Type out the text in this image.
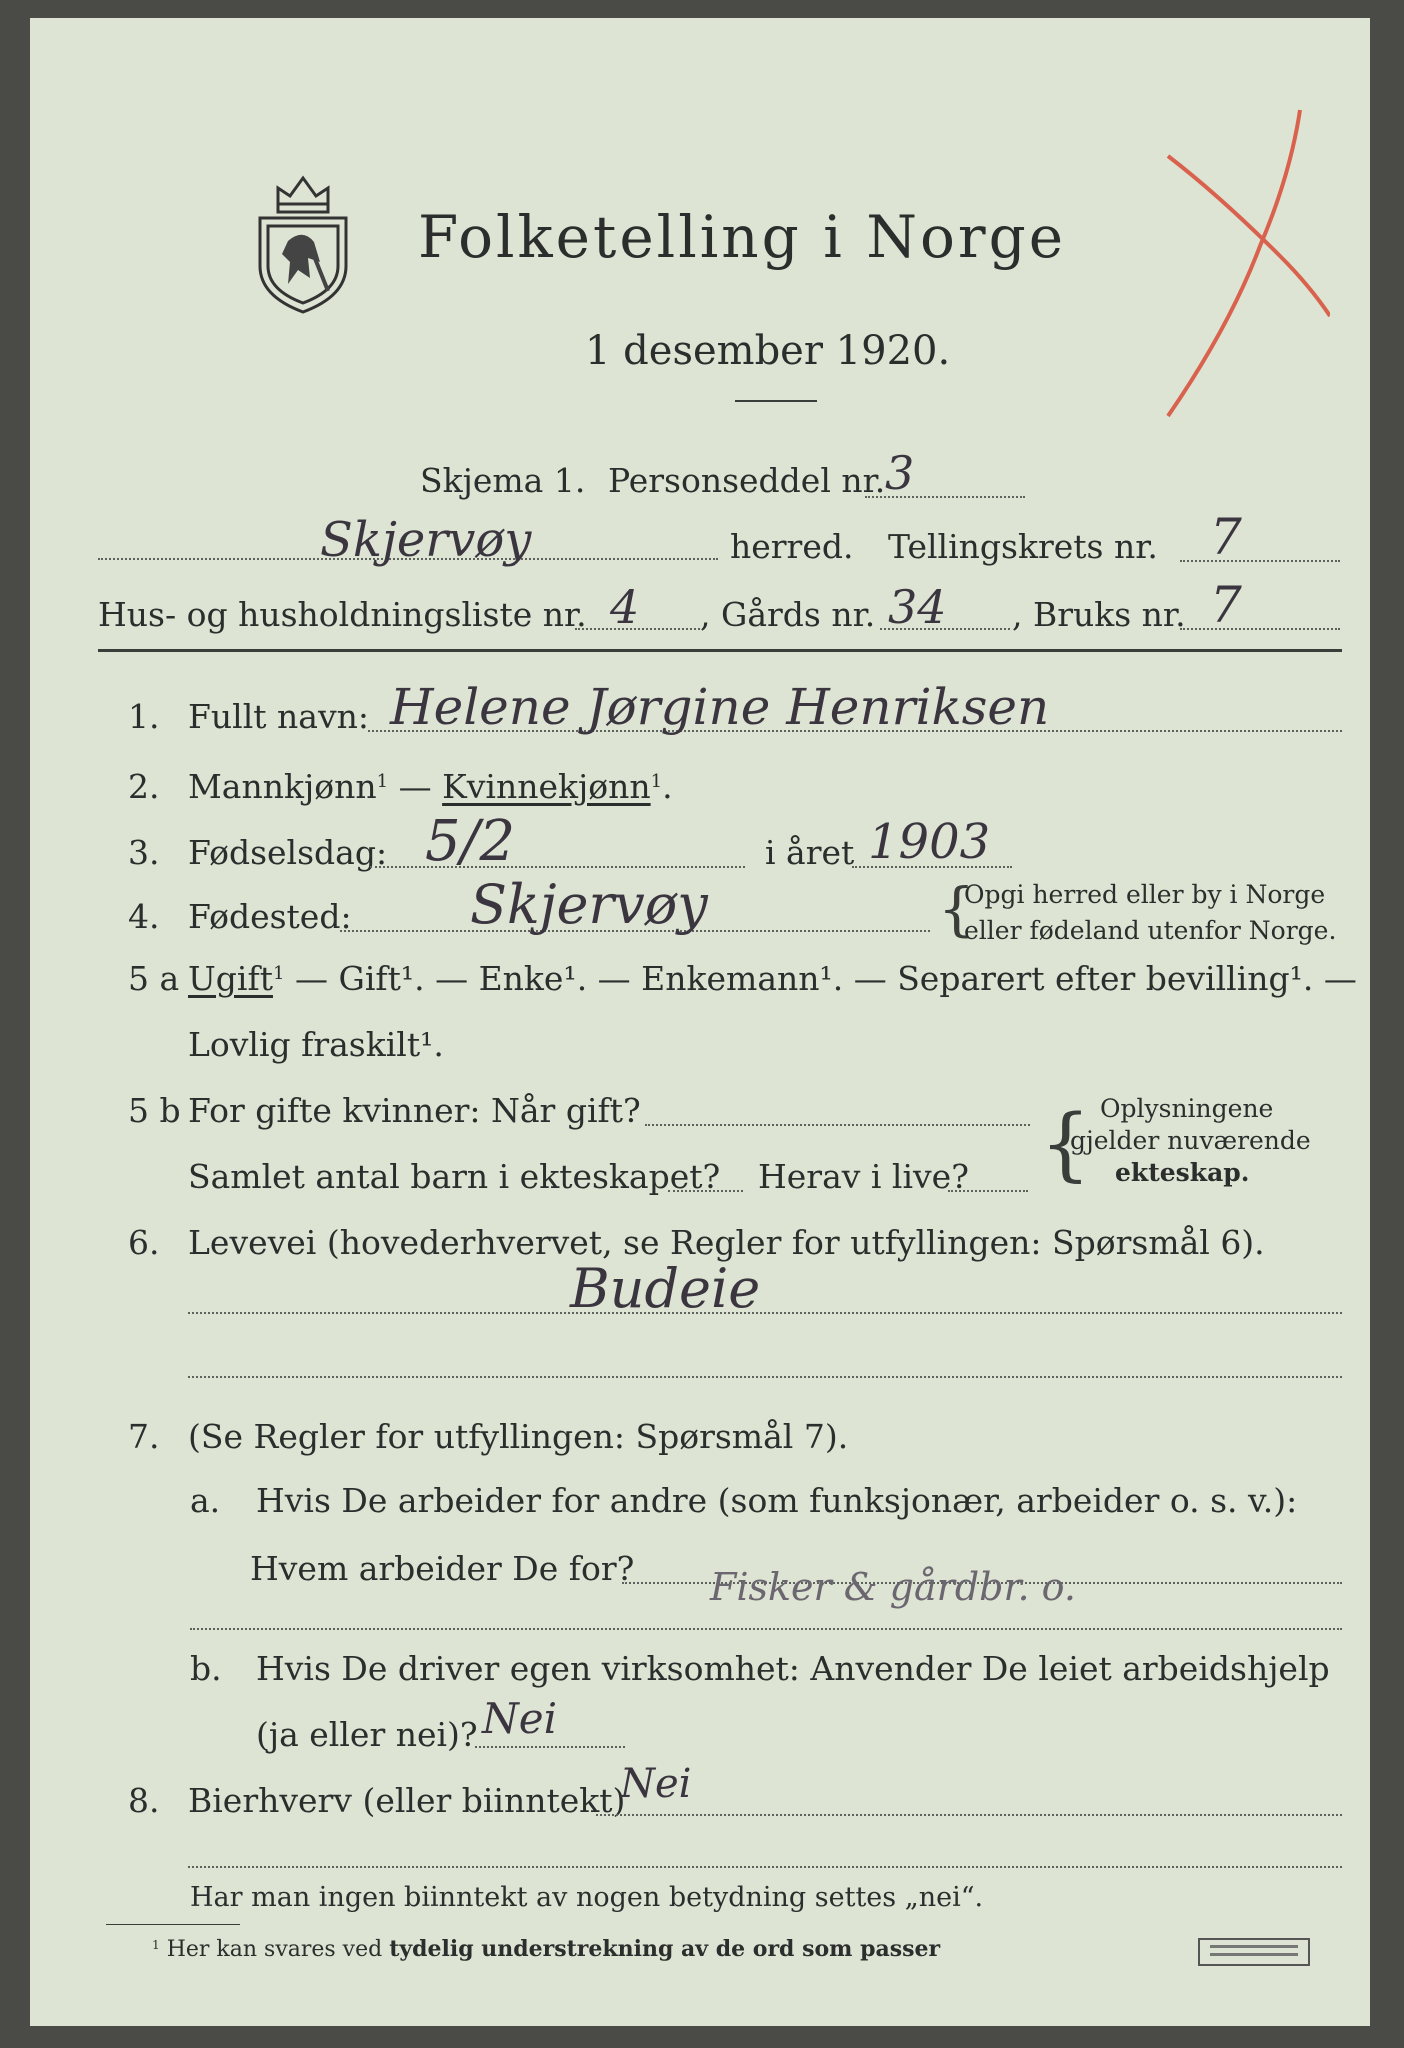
Folketelling i Norge
1 desember 1920.
Skjema 1. Personseddel nr. 3
Skjervøy	herred. Tellingskrets nr. 7
Hus- og husholdningsliste nr. 4 , Gårds nr. 34 , Bruks nr. 7
1. Fullt navn: Helene Jørgine Henriksen
2. Mannkjønn$^1$ — Kvinnekjønn$^1$.
3. Fødselsdag: 5/2	i året 1903
4. Fødested: Skjervøy	{
Opgi herred eller by i Norge
eller fødeland utenfor Norge.
5 a Ugift$^1$ — Gift¹. — Enke¹. — Enkemann¹. — Separert efter bevilling¹. —
Lovlig fraskilt¹.
5 b For gifte kvinner: Når gift?
Samlet antal barn i ekteskapet? Herav i live? { Oplysningene
gjelder nuværende
ekteskap.
6. Levevei (hovederhvervet, se Regler for utfyllingen: Spørsmål 6).
Budeie
7. (Se Regler for utfyllingen: Spørsmål 7).
a. Hvis De arbeider for andre (som funksjonær, arbeider o. s. v.):
Hvem arbeider De for? Fisker & gårdbr. o.
b. Hvis De driver egen virksomhet: Anvender De leiet arbeidshjelp
(ja eller nei)? Nei
8. Bierhverv (eller biinntekt)
Nei
Har man ingen biinntekt av nogen betydning settes „nei“.
$^1$ Her kan svares ved tydelig understrekning av de ord som passer
